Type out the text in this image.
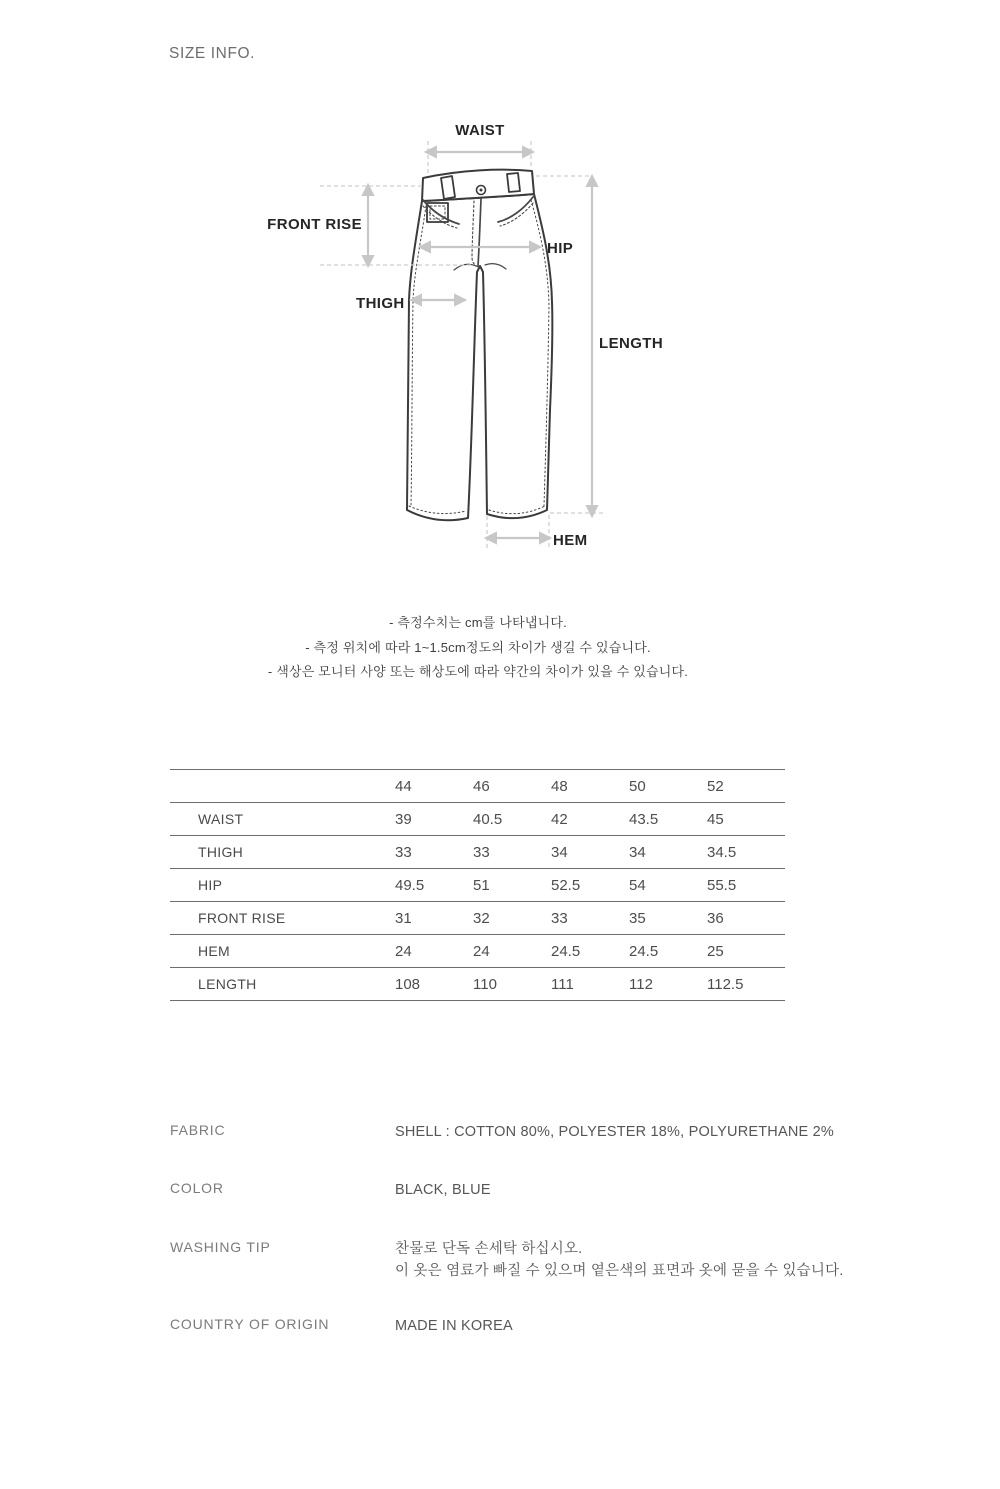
SIZE INFO.
WAIST
FRONT RISE
HIP
THIGH
LENGTH
HEM
- 측정수치는 cm를 나타냅니다.
- 측정 위치에 따라 1~1.5cm정도의 차이가 생길 수 있습니다.
- 색상은 모니터 사양 또는 해상도에 따라 약간의 차이가 있을 수 있습니다.
	44	46	48	50	52
WAIST	39	40.5	42	43.5	45
THIGH	33	33	34	34	34.5
HIP	49.5	51	52.5	54	55.5
FRONT RISE	31	32	33	35	36
HEM	24	24	24.5	24.5	25
LENGTH	108	110	111	112	112.5
FABRIC	SHELL : COTTON 80%, POLYESTER 18%, POLYURETHANE 2%
COLOR	BLACK, BLUE
WASHING TIP	찬물로 단독 손세탁 하십시오.
이 옷은 염료가 빠질 수 있으며 옅은색의 표면과 옷에 묻을 수 있습니다.
COUNTRY OF ORIGIN	MADE IN KOREA
